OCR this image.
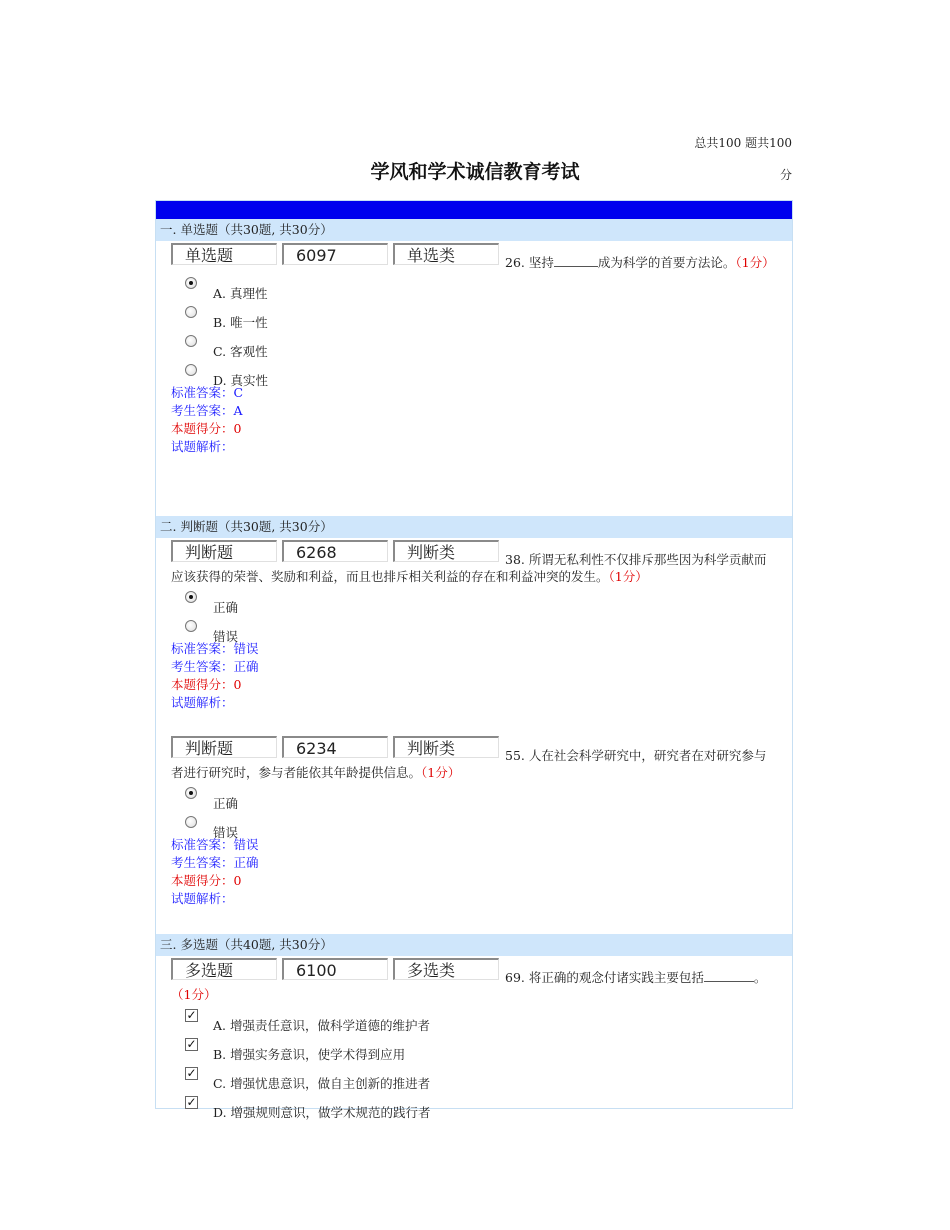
总共100 题共100
学风和学术诚信教育考试	分
一. 单选题（共30题, 共30分）
单选题	6097	单选类	26. 坚持	成为科学的首要方法论。（1分）
A. 真理性
B. 唯一性
C. 客观性
D. 真实性
标准答案：C
考生答案：A
本题得分：0
试题解析：
二. 判断题（共30题, 共30分）
判断题	6268	判断类	38. 所谓无私利性不仅排斥那些因为科学贡献而应该获得的荣誉、奖励和利益，而且也排斥相关利益的存在和利益冲突的发生。（1分）
正确
错误
标准答案：错误
考生答案：正确
本题得分：0
试题解析：
判断题	6234	判断类	55. 人在社会科学研究中，研究者在对研究参与者进行研究时，参与者能依其年龄提供信息。（1分）
正确
错误
标准答案：错误
考生答案：正确
本题得分：0
试题解析：
三. 多选题（共40题, 共30分）
多选题	6100	多选类	69. 将正确的观念付诸实践主要包括	。（1分）
✓
A. 增强责任意识，做科学道德的维护者
✓
B. 增强实务意识，使学术得到应用
✓
C. 增强忧患意识，做自主创新的推进者
✓
D. 增强规则意识，做学术规范的践行者
